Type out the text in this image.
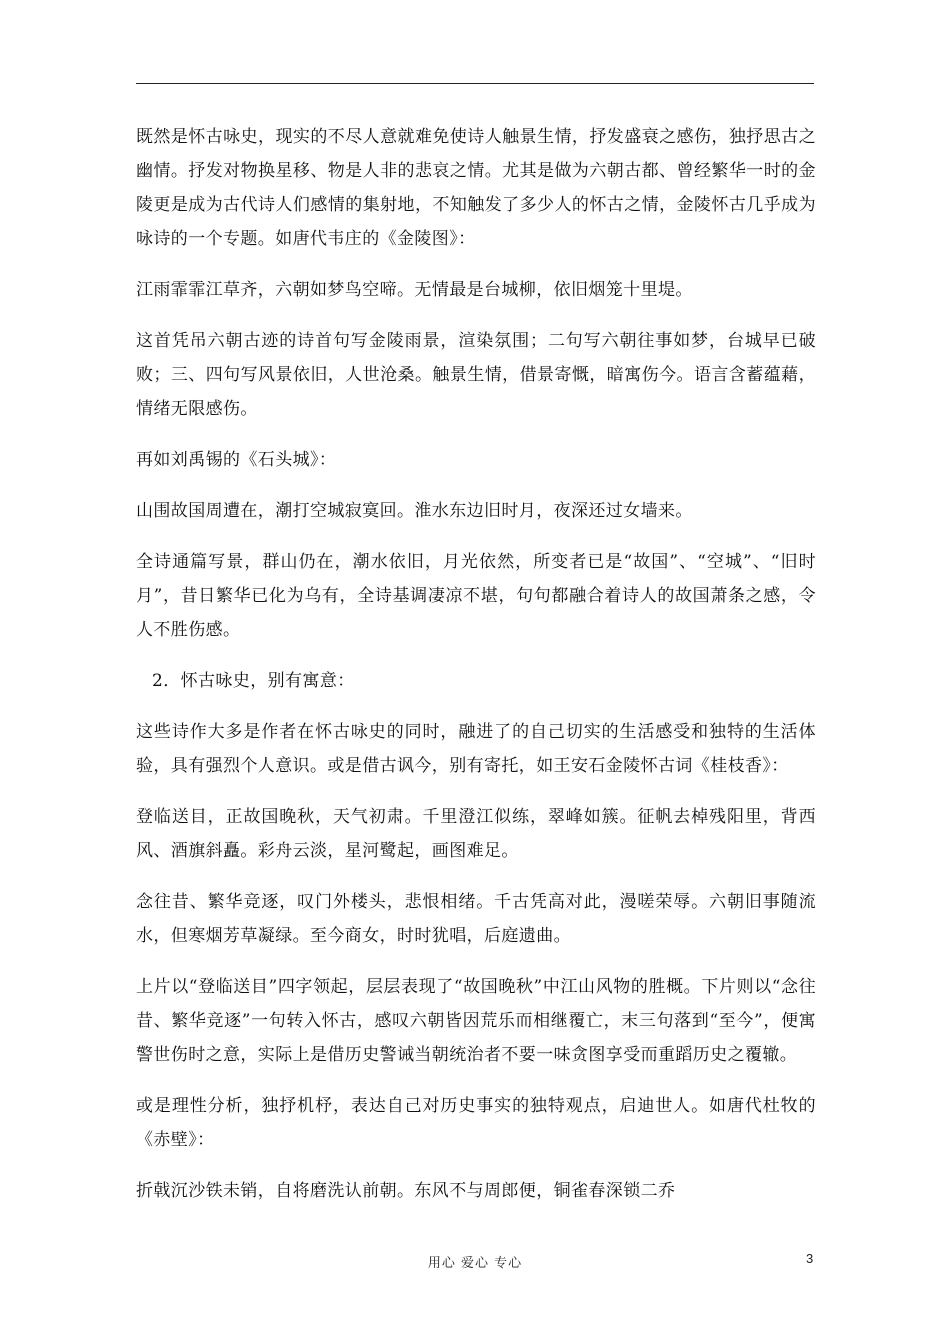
既然是怀古咏史，现实的不尽人意就难免使诗人触景生情，抒发盛衰之感伤，独抒思古之幽情。抒发对物换星移、物是人非的悲哀之情。尤其是做为六朝古都、曾经繁华一时的金陵更是成为古代诗人们感情的集射地，不知触发了多少人的怀古之情，金陵怀古几乎成为咏诗的一个专题。如唐代韦庄的《金陵图》：

江雨霏霏江草齐，六朝如梦鸟空啼。无情最是台城柳，依旧烟笼十里堤。

这首凭吊六朝古迹的诗首句写金陵雨景，渲染氛围；二句写六朝往事如梦，台城早已破败；三、四句写风景依旧，人世沧桑。触景生情，借景寄慨，暗寓伤今。语言含蓄蕴藉，情绪无限感伤。

再如刘禹锡的《石头城》：

山围故国周遭在，潮打空城寂寞回。淮水东边旧时月，夜深还过女墙来。

全诗通篇写景，群山仍在，潮水依旧，月光依然，所变者已是“故国”、“空城”、“旧时月”，昔日繁华已化为乌有，全诗基调凄凉不堪，句句都融合着诗人的故国萧条之感，令人不胜伤感。

2．怀古咏史，别有寓意：

这些诗作大多是作者在怀古咏史的同时，融进了的自己切实的生活感受和独特的生活体验，具有强烈个人意识。或是借古讽今，别有寄托，如王安石金陵怀古词《桂枝香》：

登临送目，正故国晚秋，天气初肃。千里澄江似练，翠峰如簇。征帆去棹残阳里，背西风、酒旗斜矗。彩舟云淡，星河鹭起，画图难足。

念往昔、繁华竞逐，叹门外楼头，悲恨相绪。千古凭高对此，漫嗟荣辱。六朝旧事随流水，但寒烟芳草凝绿。至今商女，时时犹唱，后庭遗曲。

上片以“登临送目”四字领起，层层表现了“故国晚秋”中江山风物的胜概。下片则以“念往昔、繁华竞逐”一句转入怀古，感叹六朝皆因荒乐而相继覆亡，末三句落到“至今”，便寓警世伤时之意，实际上是借历史警诫当朝统治者不要一味贪图享受而重蹈历史之覆辙。

或是理性分析，独抒机杼，表达自己对历史事实的独特观点，启迪世人。如唐代杜牧的《赤壁》：

折戟沉沙铁未销，自将磨洗认前朝。东风不与周郎便，铜雀春深锁二乔

用心 爱心 专心	3
